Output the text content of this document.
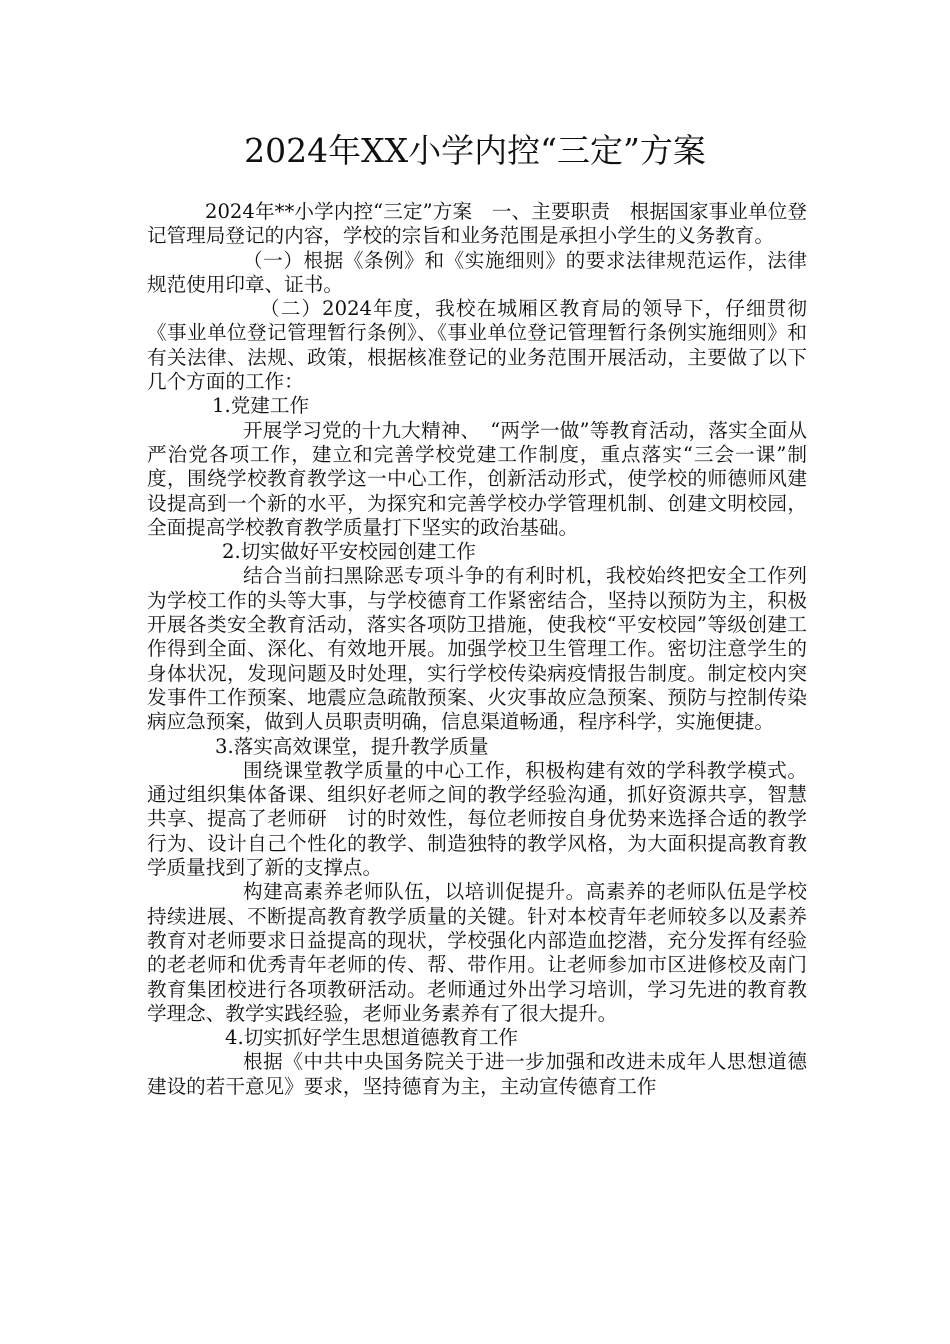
2024年XX小学内控“三定”方案

2024年**小学内控“三定”方案　一、主要职责　根据国家事业单位登记管理局登记的内容，学校的宗旨和业务范围是承担小学生的义务教育。

（一）根据《条例》和《实施细则》的要求法律规范运作，法律规范使用印章、证书。

（二）2024年度，我校在城厢区教育局的领导下，仔细贯彻《事业单位登记管理暂行条例》、《事业单位登记管理暂行条例实施细则》和有关法律、法规、政策，根据核准登记的业务范围开展活动，主要做了以下几个方面的工作：

1.党建工作

开展学习党的十九大精神、　“两学一做”等教育活动，落实全面从严治党各项工作，建立和完善学校党建工作制度，重点落实“三会一课”制度，围绕学校教育教学这一中心工作，创新活动形式，使学校的师德师风建设提高到一个新的水平，为探究和完善学校办学管理机制、创建文明校园，全面提高学校教育教学质量打下坚实的政治基础。

2.切实做好平安校园创建工作

结合当前扫黑除恶专项斗争的有利时机，我校始终把安全工作列为学校工作的头等大事，与学校德育工作紧密结合，坚持以预防为主，积极开展各类安全教育活动，落实各项防卫措施，使我校“平安校园”等级创建工作得到全面、深化、有效地开展。加强学校卫生管理工作。密切注意学生的身体状况，发现问题及时处理，实行学校传染病疫情报告制度。制定校内突发事件工作预案、地震应急疏散预案、火灾事故应急预案、预防与控制传染病应急预案，做到人员职责明确，信息渠道畅通，程序科学，实施便捷。

3.落实高效课堂，提升教学质量

围绕课堂教学质量的中心工作，积极构建有效的学科教学模式。通过组织集体备课、组织好老师之间的教学经验沟通，抓好资源共享，智慧共享、提高了老师研　讨的时效性，每位老师按自身优势来选择合适的教学行为、设计自己个性化的教学、制造独特的教学风格，为大面积提高教育教学质量找到了新的支撑点。

构建高素养老师队伍，以培训促提升。高素养的老师队伍是学校持续进展、不断提高教育教学质量的关键。针对本校青年老师较多以及素养教育对老师要求日益提高的现状，学校强化内部造血挖潜，充分发挥有经验的老老师和优秀青年老师的传、帮、带作用。让老师参加市区进修校及南门教育集团校进行各项教研活动。老师通过外出学习培训，学习先进的教育教学理念、教学实践经验，老师业务素养有了很大提升。

4.切实抓好学生思想道德教育工作

根据《中共中央国务院关于进一步加强和改进未成年人思想道德建设的若干意见》要求，坚持德育为主，主动宣传德育工作
